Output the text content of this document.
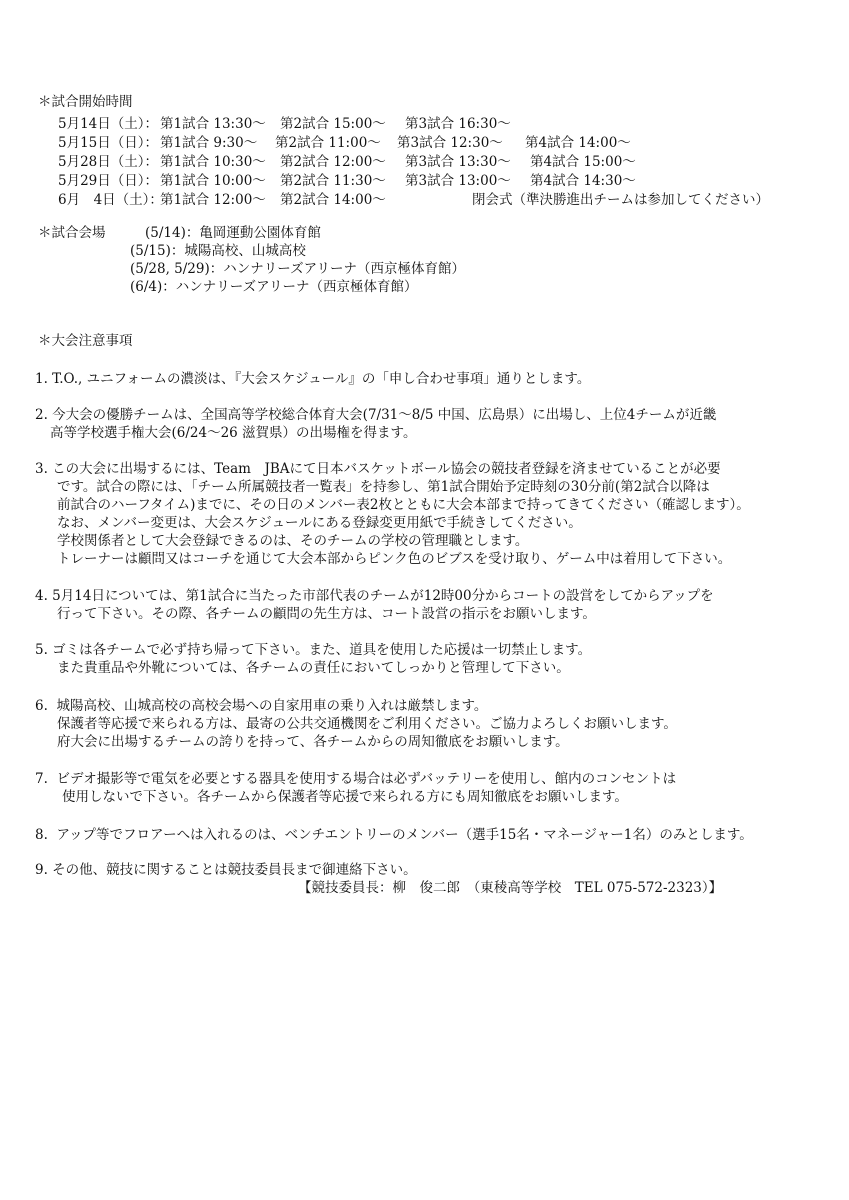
＊試合開始時間
5月14日（土）： 第1試合 13:30～ 第2試合 15:00～ 第3試合 16:30～
5月15日（日）： 第1試合 9:30～ 第2試合 11:00～ 第3試合 12:30～ 第4試合 14:00～
5月28日（土）： 第1試合 10:30～ 第2試合 12:00～ 第3試合 13:30～ 第4試合 15:00～
5月29日（日）： 第1試合 10:00～ 第2試合 11:30～ 第3試合 13:00～ 第4試合 14:30～
6月　4日（土）：
第1試合 12:00～ 第2試合 14:00～	閉会式（準決勝進出チームは参加してください）
＊試合会場	(5/14)：亀岡運動公園体育館
(5/15)：城陽高校、山城高校
(5/28, 5/29)：ハンナリーズアリーナ（西京極体育館）
(6/4)：ハンナリーズアリーナ（西京極体育館）
＊大会注意事項
1. T.O., ユニフォームの濃淡は、『大会スケジュール』の「申し合わせ事項」通りとします。
2. 今大会の優勝チームは、全国高等学校総合体育大会(7/31～8/5 中国、広島県）に出場し、上位4チームが近畿
高等学校選手権大会(6/24～26 滋賀県）の出場権を得ます。
3. この大会に出場するには、Team　JBAにて日本バスケットボール協会の競技者登録を済ませていることが必要
です。試合の際には、「チーム所属競技者一覧表」を持参し、第1試合開始予定時刻の30分前(第2試合以降は
前試合のハーフタイム)までに、その日のメンバー表2枚とともに大会本部まで持ってきてください（確認します）。
なお、メンバー変更は、大会スケジュールにある登録変更用紙で手続きしてください。
学校関係者として大会登録できるのは、そのチームの学校の管理職とします。
トレーナーは顧問又はコーチを通じて大会本部からピンク色のビブスを受け取り、ゲーム中は着用して下さい。
4. 5月14日については、第1試合に当たった市部代表のチームが12時00分からコートの設営をしてからアップを
行って下さい。その際、各チームの顧問の先生方は、コート設営の指示をお願いします。
5. ゴミは各チームで必ず持ち帰って下さい。また、道具を使用した応援は一切禁止します。
また貴重品や外靴については、各チームの責任においてしっかりと管理して下さい。
6.  城陽高校、山城高校の高校会場への自家用車の乗り入れは厳禁します。
保護者等応援で来られる方は、最寄の公共交通機関をご利用ください。ご協力よろしくお願いします。
府大会に出場するチームの誇りを持って、各チームからの周知徹底をお願いします。
7.  ビデオ撮影等で電気を必要とする器具を使用する場合は必ずバッテリーを使用し、館内のコンセントは
使用しないで下さい。各チームから保護者等応援で来られる方にも周知徹底をお願いします。
8.  アップ等でフロアーへは入れるのは、ベンチエントリーのメンバー（選手15名・マネージャー1名）のみとします。
9. その他、競技に関することは競技委員長まで御連絡下さい。
【競技委員長：柳　俊二郎　（東稜高等学校　TEL 075-572-2323）】
